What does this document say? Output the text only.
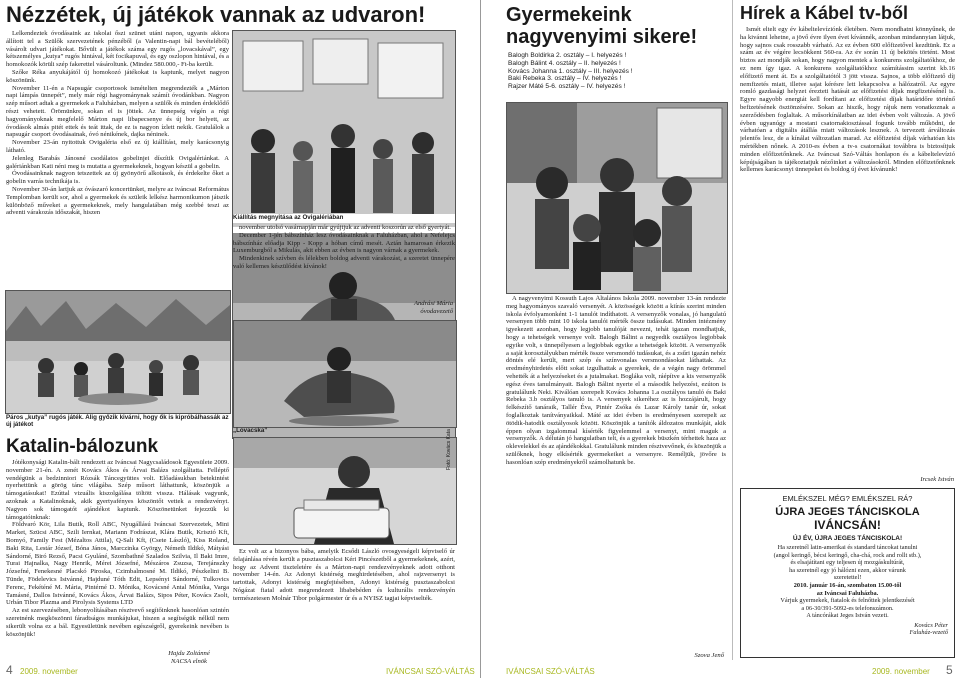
Nézzétek, új játékok vannak az udvaron!

Lelkendeztek óvodásaink az iskolai őszi szünet utáni napon, ugyanis akkora állított tel a Szülők szervezetének pénzéből (a Valentin-napi bál bevételéből) vásárolt udvari játékokat. Bővült a játékok száma egy rugós „lovacskával”, egy kétszemélyes „kutya” rugós hintával, két focikapuval, és egy oszlopon hintával, és a homokozók körüli szép fakerettel vásároltunk. (Mindez 580.000,- Ft-ba került.

Szőke Réka anyukájától új homokozó játékokat is kaptunk, melyet nagyon köszönünk.

November 11-én a Napsugár csoportosok ismételten megrendezték a „Márton napi lámpás ünnepét”, mely már régi hagyománynak számít óvodánkban. Nagyon szép műsort adtak a gyermekek a Faluházban, melyen a szülők és minden érdeklődő részt vehetett. Örömünkre, sokan el is jöttek. Az ünnepség végén a régi hagyományoknak megfelelő Márton napi libapecsenye és új bor helyett, az óvodások almás pitét ettek és teát ittak, de ez is nagyon ízlett nekik. Gratulálok a napsugár csoport óvodásainak, óvó nénikének, dajka néninek.

November 23-án nyitottuk Ovigaléria első ez új kiállítást, mely karácsonyig látható.

Jelenleg Barabás Jánosné csodálatos gobelinjei díszítik Ovigalériánkat. A galériánkban Kati néni meg is mutatta a gyermekeknek, hogyan készül a gobelin.

Óvodásainknak nagyon tetszettek az új gyönyörű alkotások, és érdekelte őket a gobelin varrás technikája is.

November 30-án lartjuk az óvászaró koncertünket, melyre az iváncsai Református Templomban került sor, ahol a gyermekek és szüleik lelkész harmonikumon játszik különböző műveket a gyermekeknek, mely hangulatában még szebbé teszi az adventi várakozás időszakát, hiszen

Páros „kutya” rugós játék. Alig győzik kivárni, hogy ők is kipróbálhassák az új játékot
Katalin-bálozunk

Jótékonysági Katalin-bált rendezett az Iváncsai Nagycsaládosok Egyesülete 2009. november 21-én. A zenét Kovács Ákos és Árvai Balázs szolgáltatta. Felléptő vendégünk a bedzinniori Rózsák Táncegyüttes volt. Előadásukban betekintést nyerhettünk a görög tánc világába. Szép műsort láthattunk, köszönjük a támogatásukat! Ezúttal vizuális kiszolgálása töltött vissza. Hálásak vagyunk, azoknak a Katalinoknak, akik gyertyafényes köszöntőt vettek a rendezvényt. Nagyon sok támogatót ajándékot kaptunk. Köszönetünket fejezzük ki támogatóinknak:

Földvaró Kör, Lila Butik, Roll ABC, Nyugállású Iváncsai Szervezetek, Mini Market, Szücsi ABC, Szili Iernkat, Mariann Fodrászat, Klára Butik, Krisztó Kft, Bomyó, Family Fest (Mézaltos Attila), Q-Sali Kft, (Csete László), Kiss Roland, Baki Rita, Lestár József, Bóna János, Marczinka György, Németh Ildikó, Mátyási Sándorné, Biró Rezső, Pacsi Gyuláné, Szombathné Szalados Szilvia, Il Baki Imre, Turai Hajnalka, Nagy Henrik, Mérei Józsefné, Mészáros Zsuzsa, Terejánszky Józsefné, Fenekesné Placskó Piroska, Czimbalmosné M. Ildikó, Pészkelini B. Tünde, Födelevics Istvánné, Hajduné Tóth Edit, Lepsényi Sándorné, Tulkovics Ferenc, Fekéténé M. Mária, Pintérné D. Mónika, Kovácsné Antal Mónika, Varga Tamásné, Dallos Istvánné, Kovács Ákos, Árvai Balázs, Sipos Péter, Kovács Zsolt, Urbán Tibor Plazma and Pirolysis Systems LTD

Az est szervezésében, lebonyolításában résztvevő segítőinknek hasonlóan szintén szeretnénk megköszönni fáradtságos munkájukat, hiszen a segítségük nélkül nem sikerült volna ez a bál. Egyesületünk nevében egészségről, gyerekeink nevében is köszönjük!

Kiállítás megnyitása az Ovigalériában

november utolsó vasárnapján már gyújtjuk az adventi koszorún az első gyertyát.

December 1-jén bábszínház lesz óvodásainknak a Faluházban, ahol a Nefelejcs bábszínház előadja Kipp - Kopp a hóban című mesét. Aztán hamarosan érkezik Luxemburgból a Mikulás, akit ebben az évben is nagyon várnak a gyermekek.

Mindenkinek szívben és lélekben boldog adventi várakozást, a szeretet ünnepére való kellemes készülődést kívánok!

Andrási Mária
óvodavezető
„Lovacska”	Fotó: Kovács Kata

Ez volt az a bizonyos bába, amelyik Ecsődi László ovosgyeségeli képviselő úr felajánlása révén került a pusztaszabolcsi Kéri Pincészetből a gyermekeknek, azért, hogy az Advent tiszteletére és a Márton-napi rendezvényeknek adott otthont november 14-én. Az Adonyi kistérség meghirdetésében, ahol rajzversenyt is tartottak, Adonyi kistérség megfejtésében, Adonyi kistérség pusztaszabolcsi Nógázat fiatal adott megrendezett libabebéden és kulturális rendezvényén természetesen Molnár Tibor polgármester úr és a NYISZ tagjai képviselték.

Hajdu Zoltánné
NACSA elnök
4 2009. november	IVÁNCSAI SZÓ-VÁLTÁS
Gyermekeink nagyvenyimi sikere!
Balogh Boldirka 2. osztály – I. helyezés !
Balogh Bálint 4. osztály – II. helyezés !
Kovács Johanna 1. osztály – III. helyezés !
Baki Rebeka 3. osztály – IV. helyezés !
Rajzer Máté 5-6. osztály – IV. helyezés !

A nagyvenyimi Kossuth Lajos Általános Iskola 2009. november 13-án rendezte meg hagyományos szavaló versenyét. A közösségek között a kiírás szerint minden iskola évfolyamonként 1-1 tanulót indíthatott. A versenyzők vonalas, jó hangulatú versenyen több mint 10 iskola tanulói mérték össze tudásukat. Minden intézmény igyekezett azonban, hogy legjobb tanulóját nevezni, tehát igazan mondhatjuk, hogy a tehetségek versenye volt. Balogh Bálint a negyedik osztályos legjobbak egyike volt, s ünnepélyesen a legjobbak egyike a tehetségek között. A versenyzők a saját korosztályukban mérték össze versmondó tudásukat, és a zsűri igazán nehéz döntés elé került, mert szép és színvonalas versmondásokat láthattak. Az eredményhirdetés előtt sokat izgulhattak a gyerekek, de a végén nagy örömmel vehették át a helyezéseket és a jutalmakat. Bogláka volt, ráépítve a kis versenyzők egész éves tanulmányait. Balogh Bálint nyerte el a második helyezést, ezúton is gratulálunk Neki. Kiválóan szerepelt Kovács Johanna 1.a osztályos tanuló és Baki Rebeka 3.b osztályos tanuló is. A versenyek sikeréhez az is hozzájárult, hogy felkészítő tanáraik, Tallér Éva, Pintér Zsóka és Lazar Károly tanár úr, sokat foglalkoztak tanítványaikkal. Máté az idei évben is eredményesen szerepelt az ötödik-hatodik osztályosok között. Köszönjük a tanítók áldozatos munkáját, akik éppen olyan izgalommal kísérték figyelemmel a versenyt, mint maguk a versenyzők. A délután jó hangulatban telt, és a gyerekek büszkén térhettek haza az oklevelekkel és az ajándékokkal. Gratulálunk minden résztvevőnek, és köszönjük a szülőknek, hogy elkísérték gyermekeiket a versenyre. Reméljük, jövőre is hasonlóan szép eredményekről számolhatunk be.

Szova Jenő
Hírek a Kábel tv-ből

Ismét eltelt egy év kábeltelevíziónk életében. Nem mondhatni könnyűnek, de ha kivánni lehetne, a jövő évre ilyen évet kívánnék, azonban mindannyian látjuk, hogy sajnos csak rosszabb várható. Az ez évben 600 előfizetővel kezdtünk. Ez a szám az év végére lecsökkent 560-ra. Az év során 11 új bekötés történt. Most biztos azt mondják sokan, hogy nagyon mentek a konkurens szolgáltatókhoz, de ez nem így igaz. A konkurens szolgáltatókhoz számítássim szerint kb.16 előfizető ment át. Es a szolgáltatótól 3 jött vissza. Sajnos, a több előfizető díj nemfizetés miatt, illetve sajat kérésre lett lekapcsolva a hálózatról. Az egyre romló gazdasági helyzet érezteti hatását az előfizetési díjak megfizetésénél is. Egyre nagyobb energiát kell fordítani az előfizetési díjak határidőre történő befizetésének ösztönzésére. Sokan az hiszik, hogy rájuk nem vonatkoznak a szerződésben foglaltak. A műsorkínálatban az idei évben volt változás. A jövő évben ugyanúgy a mostani csatornakiosztással fogunk tovább működni, de várhatóan a digitális átállás miatt változások lesznek. A tervezett árváltozás jelentős lesz, de a kínálat változatlan marad. Az előfizetési díjak várhatóan kis mértékben nőnek. A 2010-es évben a tv-s csatornákat továbbra is biztosítjuk minden előfizetőnknek. Az Iváncsai Szó-Váltás honlapon és a kábeltelevízió képújságában is tájékoztatjuk nézőinket a változásokról. Minden előfizetőnknek kellemes karácsonyi ünnepeket és boldog új évet kívánunk!

Ircsek István
EMLÉKSZEL MÉG? EMLÉKSZEL RÁ?
ÚJRA JEGES TÁNCISKOLA
IVÁNCSÁN!
ÚJ ÉV, ÚJRA JEGES TÁNCISKOLA!
Ha szeretnél latin-amerikai és standard táncokat tanulni
(angol keringő, bécsi keringő, cha-chá, rock and rollt stb.),
és elsajátítani egy teljesen új mozgáskultúrát,
ha szeretnél egy jó hálózni ezen, akkor várunk
szeretettel!
2010. január 16-án, szombaton 15.00-től
az Iváncsai Faluházba.
Várjuk gyermekek, fiatalok és felnőttek jelentkezését
a 06-30/391-5092-es telefonszámon.
A táncórákat Jeges István vezeti.
Kovács Péter
Faluház-vezető
IVÁNCSAI SZÓ-VÁLTÁS	2009. november 5
